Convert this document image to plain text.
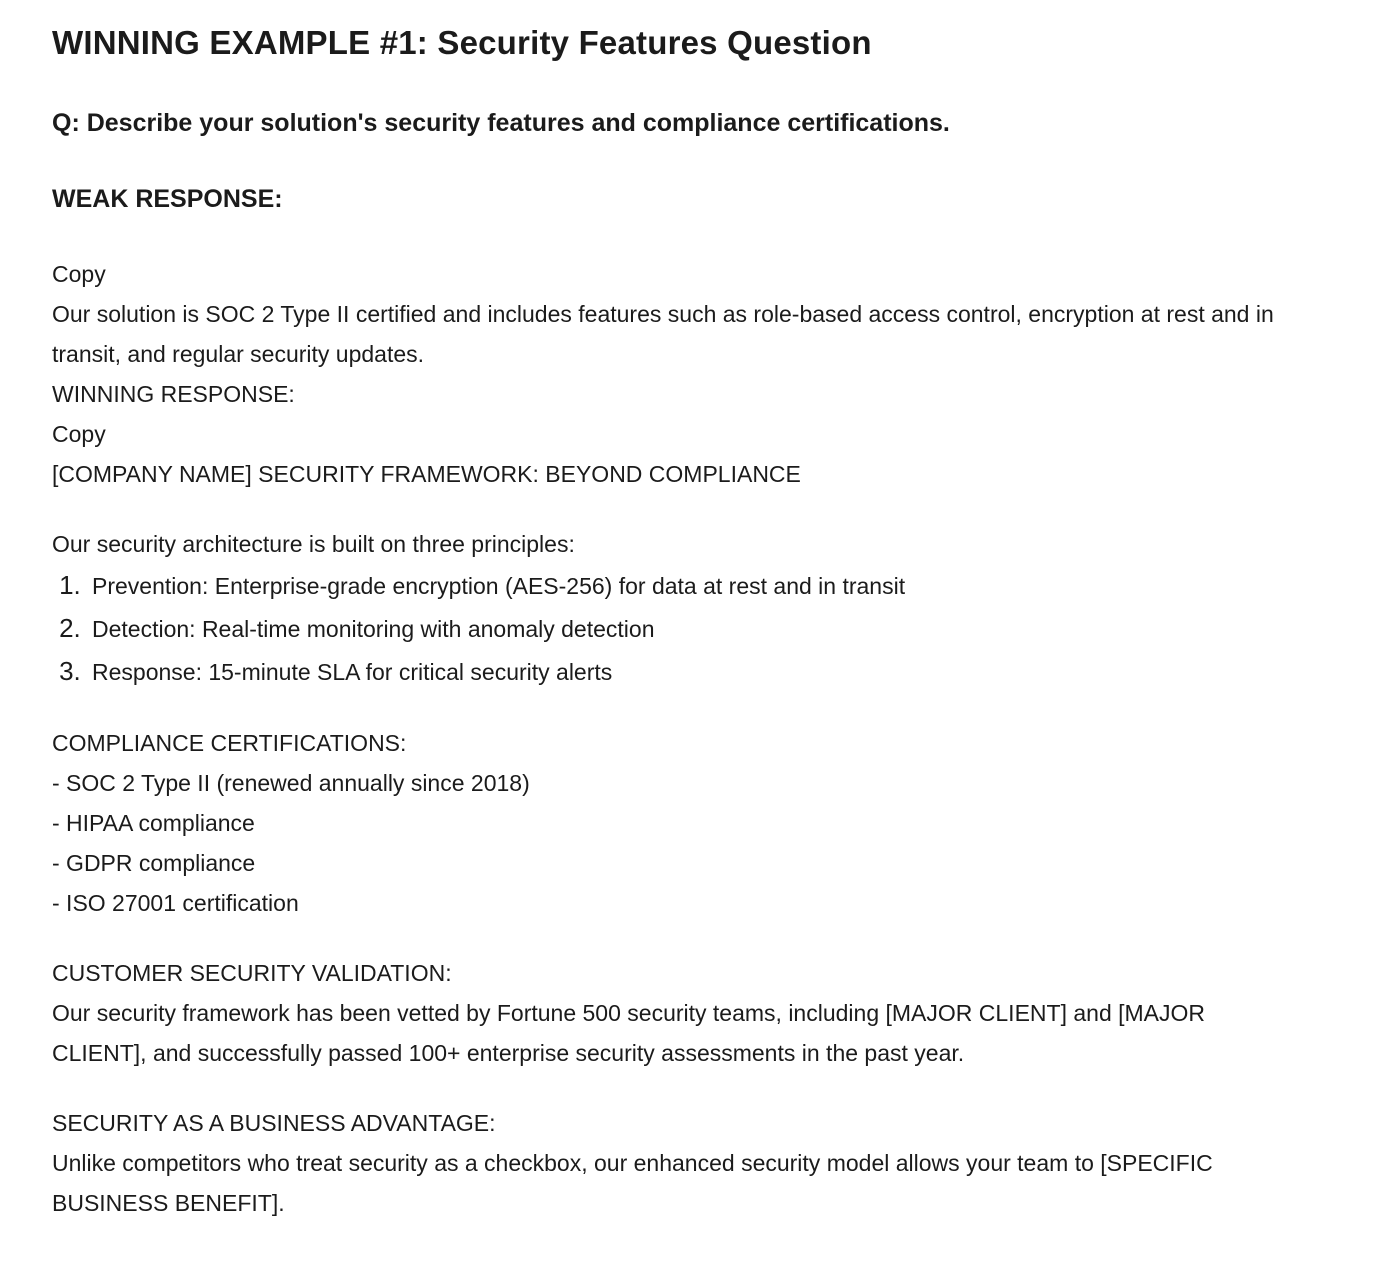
WINNING EXAMPLE #1: Security Features Question

Q: Describe your solution's security features and compliance certifications.

WEAK RESPONSE:

Copy
Our solution is SOC 2 Type II certified and includes features such as role-based access control, encryption at rest and in transit, and regular security updates.
WINNING RESPONSE:
Copy
[COMPANY NAME] SECURITY FRAMEWORK: BEYOND COMPLIANCE
Our security architecture is built on three principles:
1. Prevention: Enterprise-grade encryption (AES-256) for data at rest and in transit
2. Detection: Real-time monitoring with anomaly detection
3. Response: 15-minute SLA for critical security alerts
COMPLIANCE CERTIFICATIONS:
- SOC 2 Type II (renewed annually since 2018)
- HIPAA compliance
- GDPR compliance
- ISO 27001 certification
CUSTOMER SECURITY VALIDATION:
Our security framework has been vetted by Fortune 500 security teams, including [MAJOR CLIENT] and [MAJOR CLIENT], and successfully passed 100+ enterprise security assessments in the past year.
SECURITY AS A BUSINESS ADVANTAGE:
Unlike competitors who treat security as a checkbox, our enhanced security model allows your team to [SPECIFIC BUSINESS BENEFIT].
